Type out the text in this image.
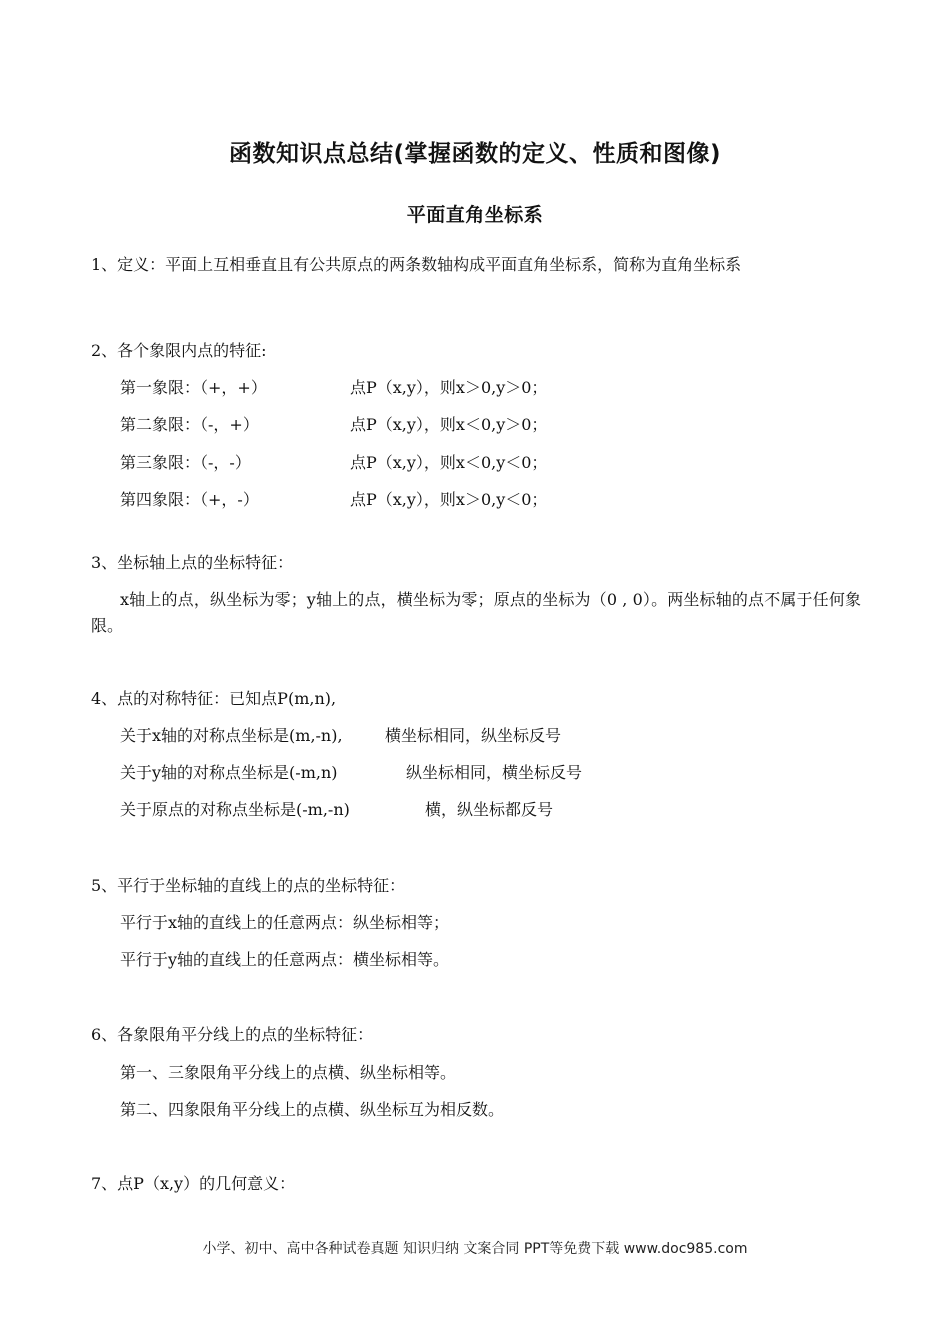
函数知识点总结(掌握函数的定义、性质和图像)
平面直角坐标系
1、定义：平面上互相垂直且有公共原点的两条数轴构成平面直角坐标系，简称为直角坐标系
2、各个象限内点的特征:
第一象限：（+，+）	点P（x,y），则x＞0,y＞0；
第二象限：（-，+）	点P（x,y），则x＜0,y＞0；
第三象限：（-，-）	点P（x,y），则x＜0,y＜0；
第四象限：（+，-）	点P（x,y），则x＞0,y＜0；
3、坐标轴上点的坐标特征：
x轴上的点，纵坐标为零；y轴上的点，横坐标为零；原点的坐标为（0 , 0）。两坐标轴的点不属于任何象限。
4、点的对称特征：已知点P(m,n),
关于x轴的对称点坐标是(m,-n),	横坐标相同，纵坐标反号
关于y轴的对称点坐标是(-m,n)	纵坐标相同，横坐标反号
关于原点的对称点坐标是(-m,-n)	横，纵坐标都反号
5、平行于坐标轴的直线上的点的坐标特征：
平行于x轴的直线上的任意两点：纵坐标相等；
平行于y轴的直线上的任意两点：横坐标相等。
6、各象限角平分线上的点的坐标特征：
第一、三象限角平分线上的点横、纵坐标相等。
第二、四象限角平分线上的点横、纵坐标互为相反数。
7、点P（x,y）的几何意义：
小学、初中、高中各种试卷真题 知识归纳 文案合同 PPT等免费下载 www.doc985.com
